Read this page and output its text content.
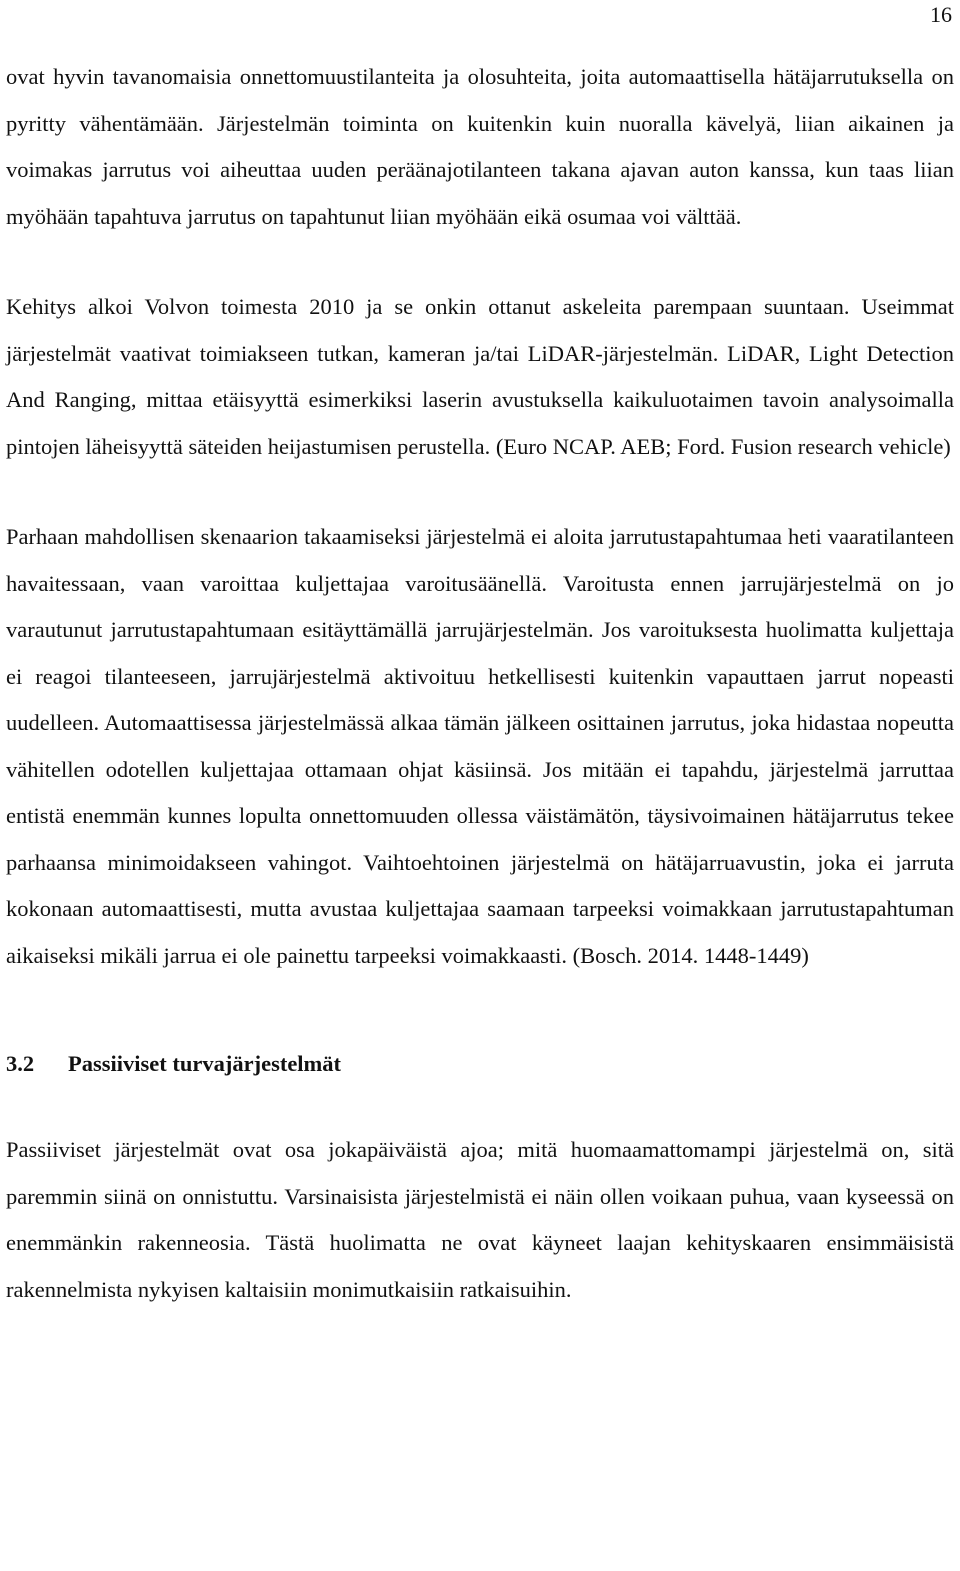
16

ovat hyvin tavanomaisia onnettomuustilanteita ja olosuhteita, joita automaattisella hätäjarrutuksella on pyritty vähentämään. Järjestelmän toiminta on kuitenkin kuin nuoralla kävelyä, liian aikainen ja voimakas jarrutus voi aiheuttaa uuden peräänajotilanteen takana ajavan auton kanssa, kun taas liian myöhään tapahtuva jarrutus on tapahtunut liian myöhään eikä osumaa voi välttää.

Kehitys alkoi Volvon toimesta 2010 ja se onkin ottanut askeleita parempaan suuntaan. Useimmat järjestelmät vaativat toimiakseen tutkan, kameran ja/tai LiDAR-järjestelmän. LiDAR, Light Detection And Ranging, mittaa etäisyyttä esimerkiksi laserin avustuksella kaikuluotaimen tavoin analysoimalla pintojen läheisyyttä säteiden heijastumisen perustella. (Euro NCAP. AEB; Ford. Fusion research vehicle)

Parhaan mahdollisen skenaarion takaamiseksi järjestelmä ei aloita jarrutustapahtumaa heti vaaratilanteen havaitessaan, vaan varoittaa kuljettajaa varoitusäänellä. Varoitusta ennen jarrujärjestelmä on jo varautunut jarrutustapahtumaan esitäyttämällä jarrujärjestelmän. Jos varoituksesta huolimatta kuljettaja ei reagoi tilanteeseen, jarrujärjestelmä aktivoituu hetkellisesti kuitenkin vapauttaen jarrut nopeasti uudelleen. Automaattisessa järjestelmässä alkaa tämän jälkeen osittainen jarrutus, joka hidastaa nopeutta vähitellen odotellen kuljettajaa ottamaan ohjat käsiinsä. Jos mitään ei tapahdu, järjestelmä jarruttaa entistä enemmän kunnes lopulta onnettomuuden ollessa väistämätön, täysivoimainen hätäjarrutus tekee parhaansa minimoidakseen vahingot. Vaihtoehtoinen järjestelmä on hätäjarruavustin, joka ei jarruta kokonaan automaattisesti, mutta avustaa kuljettajaa saamaan tarpeeksi voimakkaan jarrutustapahtuman aikaiseksi mikäli jarrua ei ole painettu tarpeeksi voimakkaasti. (Bosch. 2014. 1448-1449)

3.2 Passiiviset turvajärjestelmät

Passiiviset järjestelmät ovat osa jokapäiväistä ajoa; mitä huomaamattomampi järjestelmä on, sitä paremmin siinä on onnistuttu. Varsinaisista järjestelmistä ei näin ollen voikaan puhua, vaan kyseessä on enemmänkin rakenneosia. Tästä huolimatta ne ovat käyneet laajan kehityskaaren ensimmäisistä rakennelmista nykyisen kaltaisiin monimutkaisiin ratkaisuihin.
